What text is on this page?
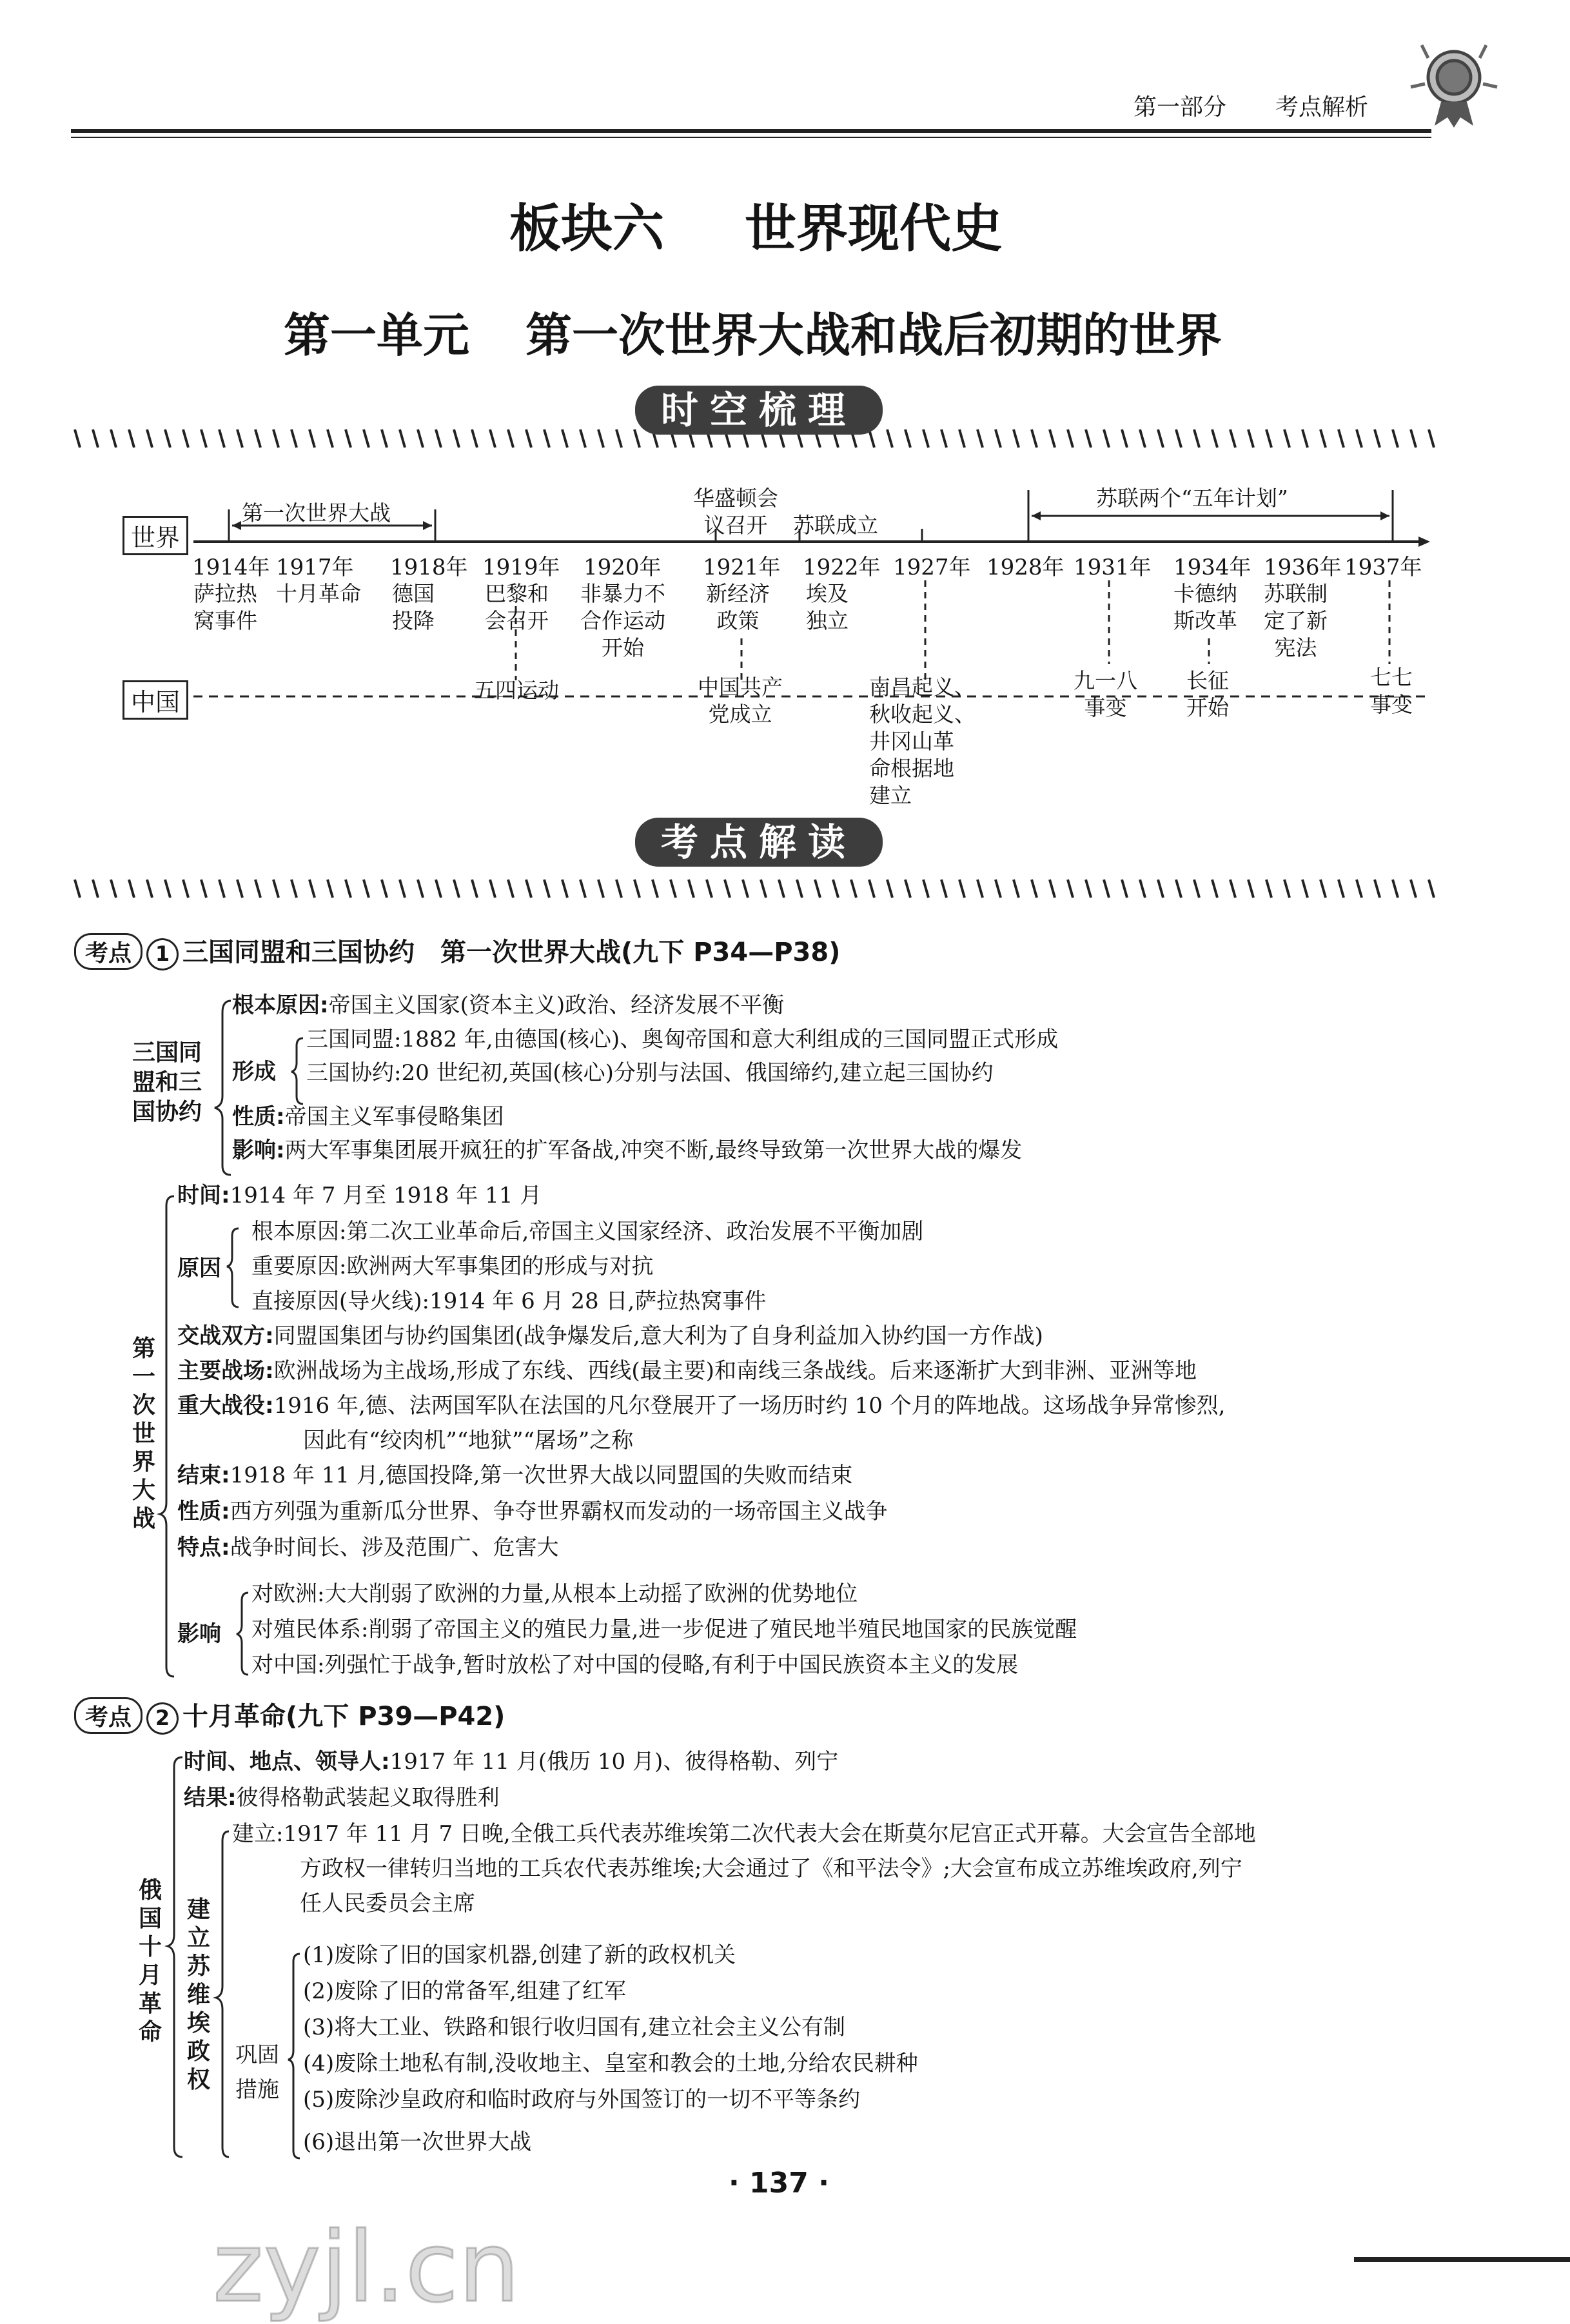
第一部分 考点解析
板块六 世界现代史
第一单元 第一次世界大战和战后初期的世界
时空梳理
世界
中国
第一次世界大战
苏联两个“五年计划”
华盛顿会
议召开	苏联成立
1914年 1917年 1918年 1919年 1920年 1921年 1922年 1927年 1928年 1931年 1934年 1936年 1937年
萨拉热
窝事件
十月革命 德国
投降
巴黎和
会召开
非暴力不
合作运动
开始
新经济
政策
埃及
独立
卡德纳
斯改革
苏联制
定了新
宪法
五四运动	中国共产
党成立
南昌起义、
秋收起义、
井冈山革
命根据地
建立
九一八
事变
长征
开始
七七
事变
考点解读
考点 1 三国同盟和三国协约　第一次世界大战(九下 P34—P38)
三国同
盟和三
国协约
根本原因:帝国主义国家(资本主义)政治、经济发展不平衡
形成
三国同盟:1882 年,由德国(核心)、奥匈帝国和意大利组成的三国同盟正式形成
三国协约:20 世纪初,英国(核心)分别与法国、俄国缔约,建立起三国协约
性质:帝国主义军事侵略集团
影响:两大军事集团展开疯狂的扩军备战,冲突不断,最终导致第一次世界大战的爆发
第
一
次
世
界
大
战
时间:1914 年 7 月至 1918 年 11 月
根本原因:第二次工业革命后,帝国主义国家经济、政治发展不平衡加剧
原因 重要原因:欧洲两大军事集团的形成与对抗
直接原因(导火线):1914 年 6 月 28 日,萨拉热窝事件
交战双方:同盟国集团与协约国集团(战争爆发后,意大利为了自身利益加入协约国一方作战)
主要战场:欧洲战场为主战场,形成了东线、西线(最主要)和南线三条战线。后来逐渐扩大到非洲、亚洲等地
重大战役:1916 年,德、法两国军队在法国的凡尔登展开了一场历时约 10 个月的阵地战。这场战争异常惨烈,
因此有“绞肉机”“地狱”“屠场”之称
结束:1918 年 11 月,德国投降,第一次世界大战以同盟国的失败而结束
性质:西方列强为重新瓜分世界、争夺世界霸权而发动的一场帝国主义战争
特点:战争时间长、涉及范围广、危害大
对欧洲:大大削弱了欧洲的力量,从根本上动摇了欧洲的优势地位
影响 对殖民体系:削弱了帝国主义的殖民力量,进一步促进了殖民地半殖民地国家的民族觉醒
对中国:列强忙于战争,暂时放松了对中国的侵略,有利于中国民族资本主义的发展
考点 2 十月革命(九下 P39—P42)
俄
国
十
月
革
命
建
立
苏
维
埃
政
权
时间、地点、领导人:1917 年 11 月(俄历 10 月)、彼得格勒、列宁
结果:彼得格勒武装起义取得胜利
建立:1917 年 11 月 7 日晚,全俄工兵代表苏维埃第二次代表大会在斯莫尔尼宫正式开幕。大会宣告全部地
方政权一律转归当地的工兵农代表苏维埃;大会通过了《和平法令》;大会宣布成立苏维埃政府,列宁
任人民委员会主席
巩固
措施
(1)废除了旧的国家机器,创建了新的政权机关
(2)废除了旧的常备军,组建了红军
(3)将大工业、铁路和银行收归国有,建立社会主义公有制
(4)废除土地私有制,没收地主、皇室和教会的土地,分给农民耕种
(5)废除沙皇政府和临时政府与外国签订的一切不平等条约
(6)退出第一次世界大战
· 137 ·
zyjl.cn
